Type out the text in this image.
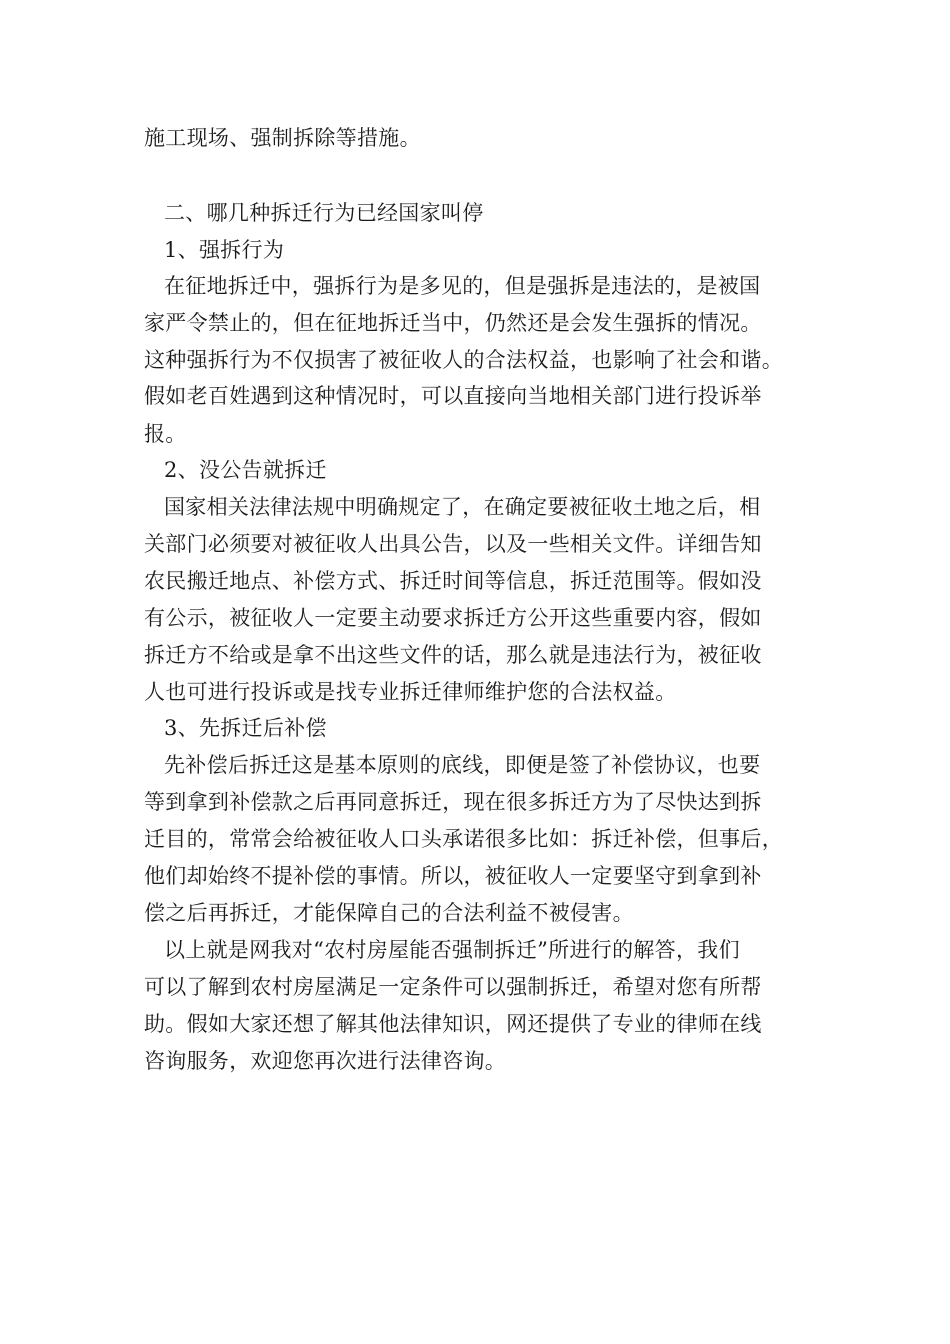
施工现场、强制拆除等措施。
二、哪几种拆迁行为已经国家叫停
1、强拆行为
在征地拆迁中，强拆行为是多见的，但是强拆是违法的，是被国
家严令禁止的，但在征地拆迁当中，仍然还是会发生强拆的情况。
这种强拆行为不仅损害了被征收人的合法权益，也影响了社会和谐。
假如老百姓遇到这种情况时，可以直接向当地相关部门进行投诉举
报。
2、没公告就拆迁
国家相关法律法规中明确规定了，在确定要被征收土地之后，相
关部门必须要对被征收人出具公告，以及一些相关文件。详细告知
农民搬迁地点、补偿方式、拆迁时间等信息，拆迁范围等。假如没
有公示，被征收人一定要主动要求拆迁方公开这些重要内容，假如
拆迁方不给或是拿不出这些文件的话，那么就是违法行为，被征收
人也可进行投诉或是找专业拆迁律师维护您的合法权益。
3、先拆迁后补偿
先补偿后拆迁这是基本原则的底线，即便是签了补偿协议，也要
等到拿到补偿款之后再同意拆迁，现在很多拆迁方为了尽快达到拆
迁目的，常常会给被征收人口头承诺很多比如：拆迁补偿，但事后，
他们却始终不提补偿的事情。所以，被征收人一定要坚守到拿到补
偿之后再拆迁，才能保障自己的合法利益不被侵害。
以上就是网我对“农村房屋能否强制拆迁”所进行的解答，我们
可以了解到农村房屋满足一定条件可以强制拆迁，希望对您有所帮
助。假如大家还想了解其他法律知识，网还提供了专业的律师在线
咨询服务，欢迎您再次进行法律咨询。
